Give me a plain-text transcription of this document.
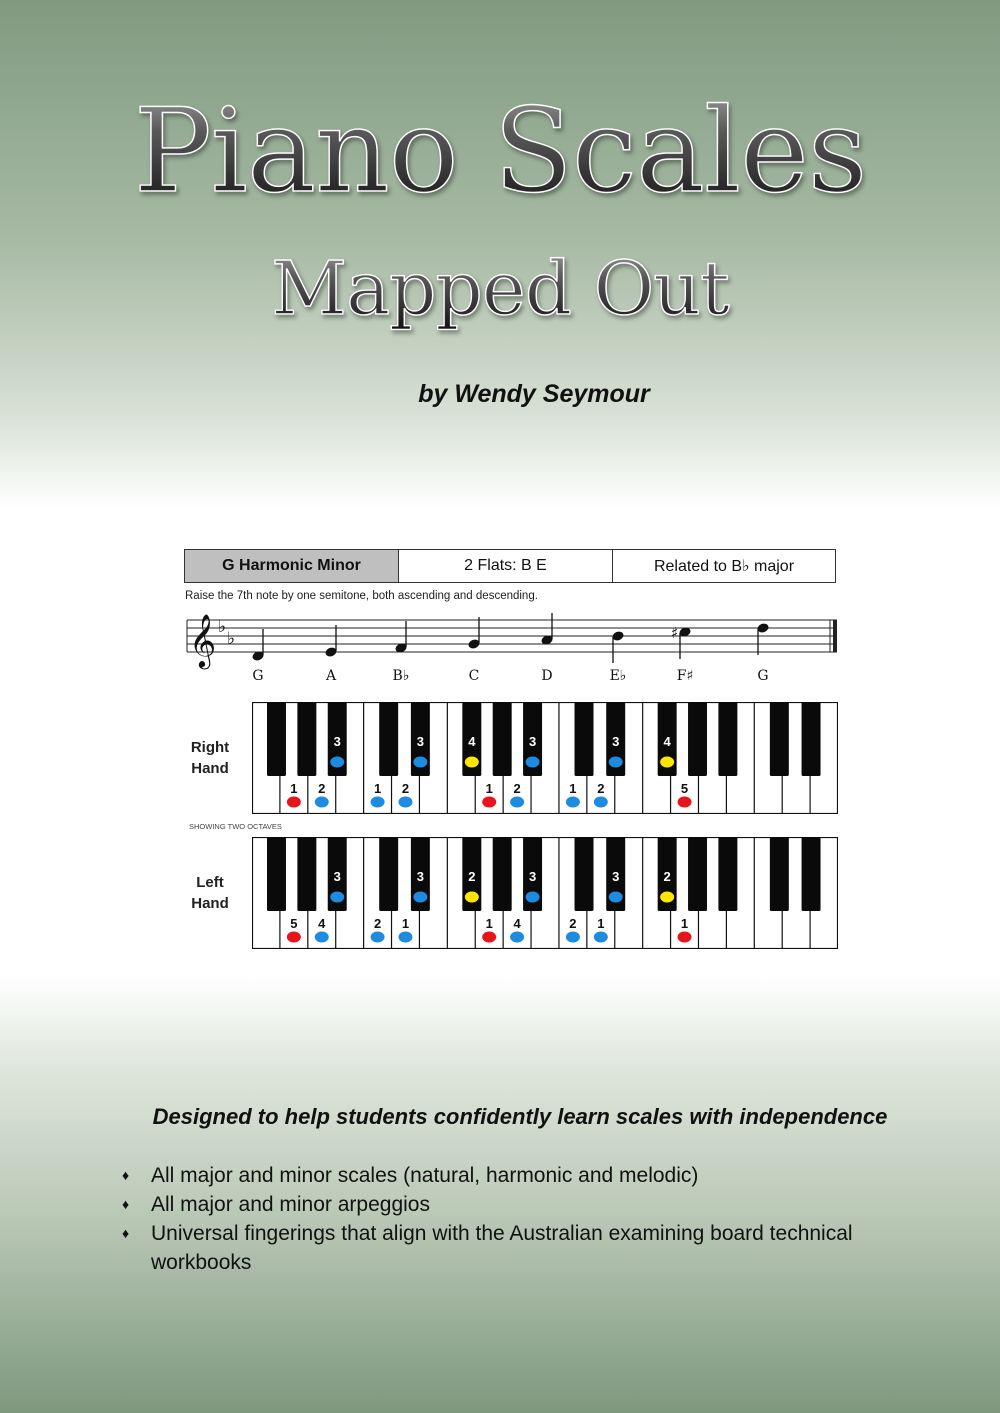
Piano Scales
Mapped Out
by Wendy Seymour
G Harmonic Minor	2 Flats: B E	Related to B♭ major
Raise the 7th note by one semitone, both ascending and descending.
𝄞 ♭
♭	♯
G	A	B♭	C	D	E♭	F♯	G
Right
Hand
1 2
3
1 2
3	4
1 2
3
1 2
3	4
5
SHOWING TWO OCTAVES
Left
Hand
5 4
3
2 1
3	2
1 4
3
2 1
3	2
1
Designed to help students confidently learn scales with independence
♦ All major and minor scales (natural, harmonic and melodic)
♦ All major and minor arpeggios
♦ Universal fingerings that align with the Australian examining board technical workbooks
